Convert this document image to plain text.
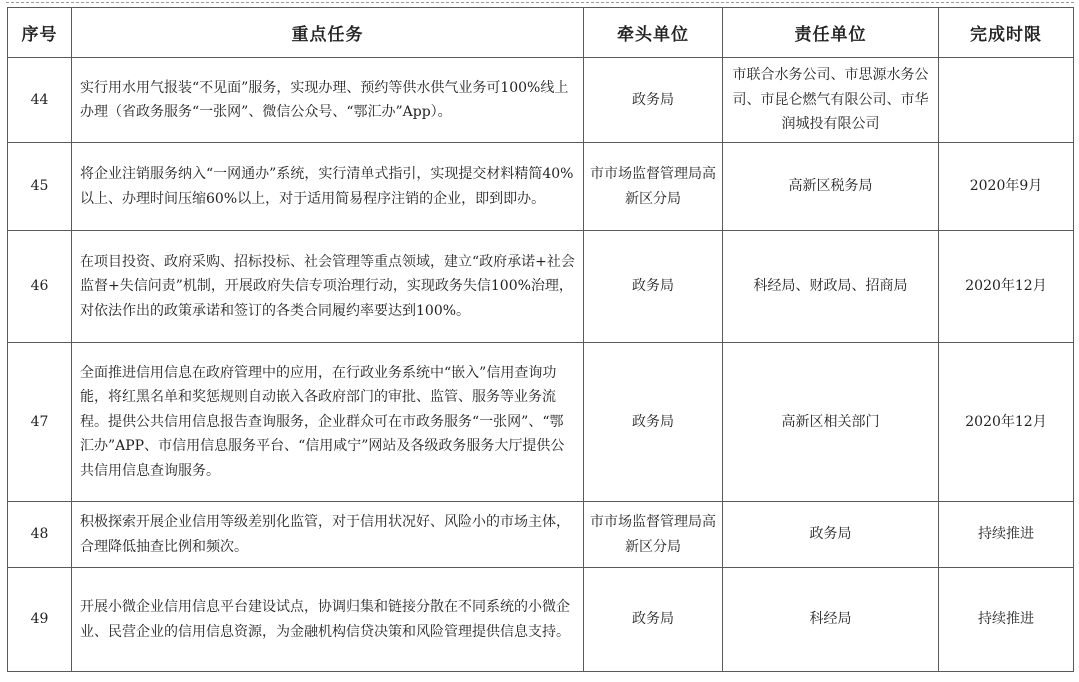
序号	重点任务	牵头单位	责任单位	完成时限
44	实行用水用气报装“不见面”服务，实现办理、预约等供水供气业务可100%线上办理（省政务服务“一张网”、微信公众号、“鄂汇办”App）。	政务局	市联合水务公司、市思源水务公司、市昆仑燃气有限公司、市华润城投有限公司	
45	将企业注销服务纳入“一网通办”系统，实行清单式指引，实现提交材料精简40%以上、办理时间压缩60%以上，对于适用简易程序注销的企业，即到即办。	市市场监督管理局高新区分局	高新区税务局	2020年9月
46	在项目投资、政府采购、招标投标、社会管理等重点领域，建立“政府承诺+社会监督+失信问责”机制，开展政府失信专项治理行动，实现政务失信100%治理，对依法作出的政策承诺和签订的各类合同履约率要达到100%。	政务局	科经局、财政局、招商局	2020年12月
47	全面推进信用信息在政府管理中的应用，在行政业务系统中“嵌入”信用查询功能，将红黑名单和奖惩规则自动嵌入各政府部门的审批、监管、服务等业务流程。提供公共信用信息报告查询服务，企业群众可在市政务服务“一张网”、“鄂汇办”APP、市信用信息服务平台、“信用咸宁”网站及各级政务服务大厅提供公共信用信息查询服务。	政务局	高新区相关部门	2020年12月
48	积极探索开展企业信用等级差别化监管，对于信用状况好、风险小的市场主体，合理降低抽查比例和频次。	市市场监督管理局高新区分局	政务局	持续推进
49	开展小微企业信用信息平台建设试点，协调归集和链接分散在不同系统的小微企业、民营企业的信用信息资源，为金融机构信贷决策和风险管理提供信息支持。	政务局	科经局	持续推进
